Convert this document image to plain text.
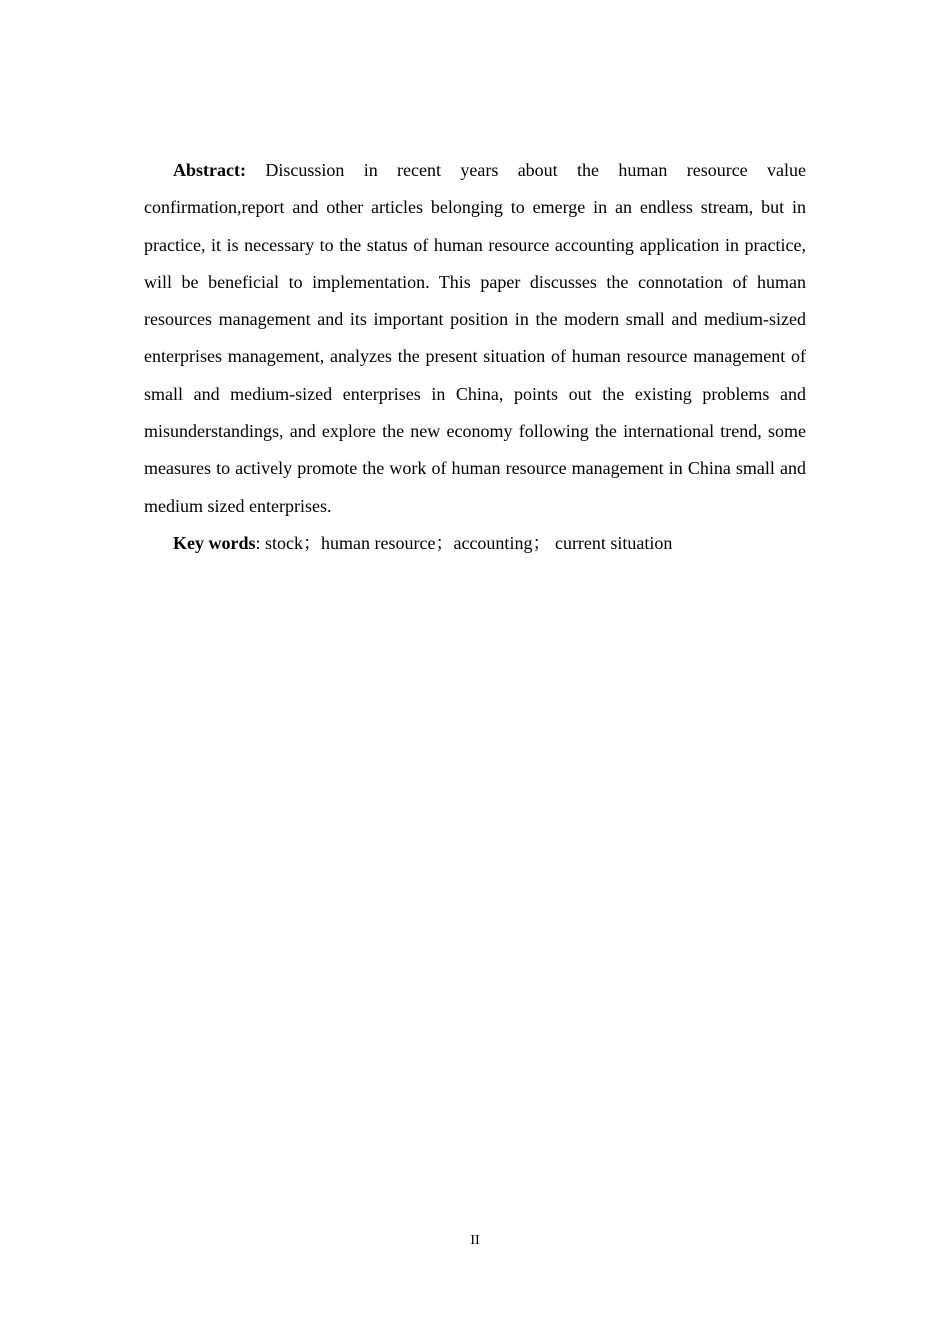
Abstract: Discussion in recent years about the human resource value confirmation,report and other articles belonging to emerge in an endless stream, but in practice, it is necessary to the status of human resource accounting application in practice, will be beneficial to implementation. This paper discusses the connotation of human resources management and its important position in the modern small and medium-sized enterprises management, analyzes the present situation of human resource management of small and medium-sized enterprises in China, points out the existing problems and misunderstandings, and explore the new economy following the international trend, some measures to actively promote the work of human resource management in China small and medium sized enterprises.

Key words: stock；human resource；accounting； current situation

II
